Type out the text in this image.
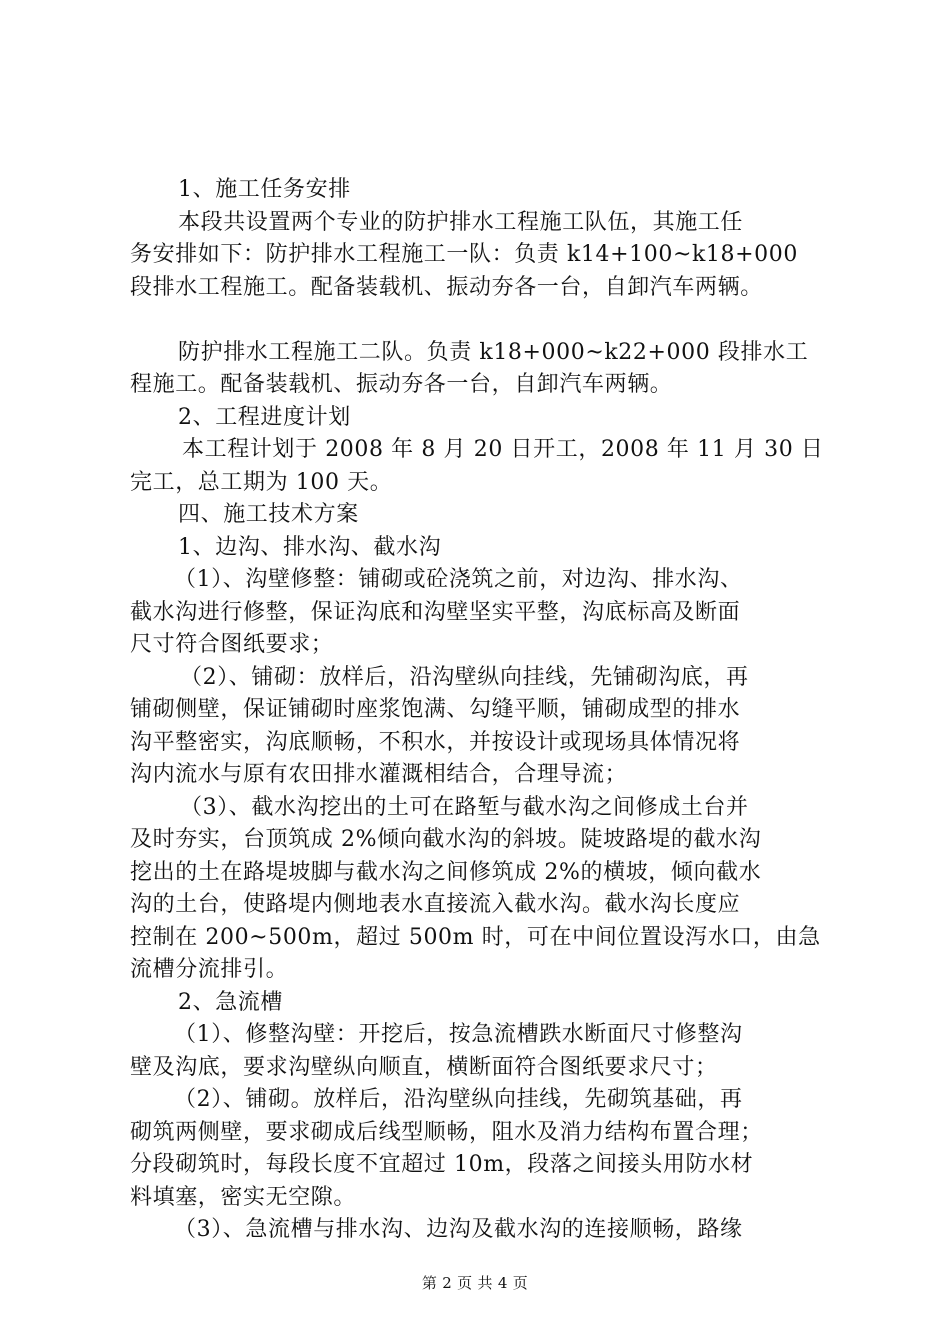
1、施工任务安排
本段共设置两个专业的防护排水工程施工队伍，其施工任
务安排如下：防护排水工程施工一队：负责 k14+100~k18+000
段排水工程施工。配备装载机、振动夯各一台，自卸汽车两辆。
防护排水工程施工二队。负责 k18+000~k22+000 段排水工
程施工。配备装载机、振动夯各一台，自卸汽车两辆。
2、工程进度计划
本工程计划于 2008 年 8 月 20 日开工，2008 年 11 月 30 日
完工，总工期为 100 天。
四、施工技术方案
1、边沟、排水沟、截水沟
（1）、沟壁修整：铺砌或砼浇筑之前，对边沟、排水沟、
截水沟进行修整，保证沟底和沟壁坚实平整，沟底标高及断面
尺寸符合图纸要求；
（2）、铺砌：放样后，沿沟壁纵向挂线，先铺砌沟底，再
铺砌侧壁，保证铺砌时座浆饱满、勾缝平顺，铺砌成型的排水
沟平整密实，沟底顺畅，不积水，并按设计或现场具体情况将
沟内流水与原有农田排水灌溉相结合，合理导流；
（3）、截水沟挖出的土可在路堑与截水沟之间修成土台并
及时夯实，台顶筑成 2%倾向截水沟的斜坡。陡坡路堤的截水沟
挖出的土在路堤坡脚与截水沟之间修筑成 2%的横坡，倾向截水
沟的土台，使路堤内侧地表水直接流入截水沟。截水沟长度应
控制在 200~500m，超过 500m 时，可在中间位置设泻水口，由急
流槽分流排引。
2、急流槽
（1）、修整沟壁：开挖后，按急流槽跌水断面尺寸修整沟
壁及沟底，要求沟壁纵向顺直，横断面符合图纸要求尺寸；
（2）、铺砌。放样后，沿沟壁纵向挂线，先砌筑基础，再
砌筑两侧壁，要求砌成后线型顺畅，阻水及消力结构布置合理；
分段砌筑时，每段长度不宜超过 10m，段落之间接头用防水材
料填塞，密实无空隙。
（3）、急流槽与排水沟、边沟及截水沟的连接顺畅，路缘
第 2 页 共 4 页
